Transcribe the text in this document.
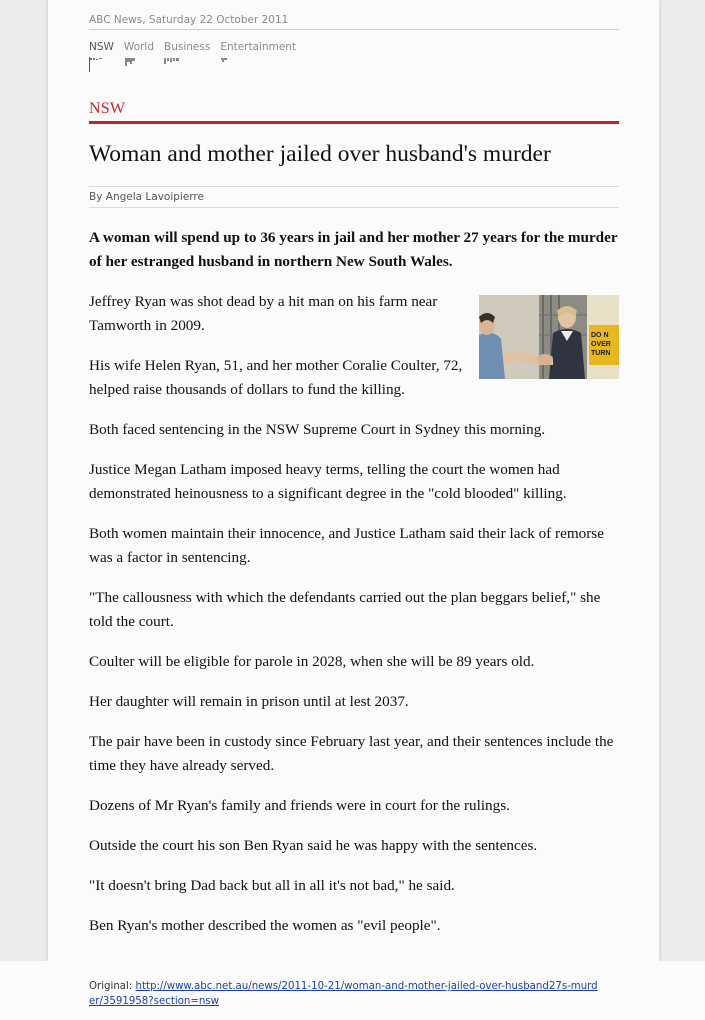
ABC News, Saturday 22 October 2011
NSW World Business Entertainment
NSW
Woman and mother jailed over husband's murder
By Angela Lavoipierre

A woman will spend up to 36 years in jail and her mother 27 years for the murder of her estranged husband in northern New South Wales.

DO N
OVER
TURN

Jeffrey Ryan was shot dead by a hit man on his farm near Tamworth in 2009.

His wife Helen Ryan, 51, and her mother Coralie Coulter, 72, helped raise thousands of dollars to fund the killing.

Both faced sentencing in the NSW Supreme Court in Sydney this morning.

Justice Megan Latham imposed heavy terms, telling the court the women had demonstrated heinousness to a significant degree in the "cold blooded" killing.

Both women maintain their innocence, and Justice Latham said their lack of remorse was a factor in sentencing.

"The callousness with which the defendants carried out the plan beggars belief," she told the court.

Coulter will be eligible for parole in 2028, when she will be 89 years old.

Her daughter will remain in prison until at lest 2037.

The pair have been in custody since February last year, and their sentences include the time they have already served.

Dozens of Mr Ryan's family and friends were in court for the rulings.

Outside the court his son Ben Ryan said he was happy with the sentences.

"It doesn't bring Dad back but all in all it's not bad," he said.

Ben Ryan's mother described the women as "evil people".

Original: http://www.abc.net.au/news/2011-10-21/woman-and-mother-jailed-over-husband27s-murder/3591958?section=nsw
